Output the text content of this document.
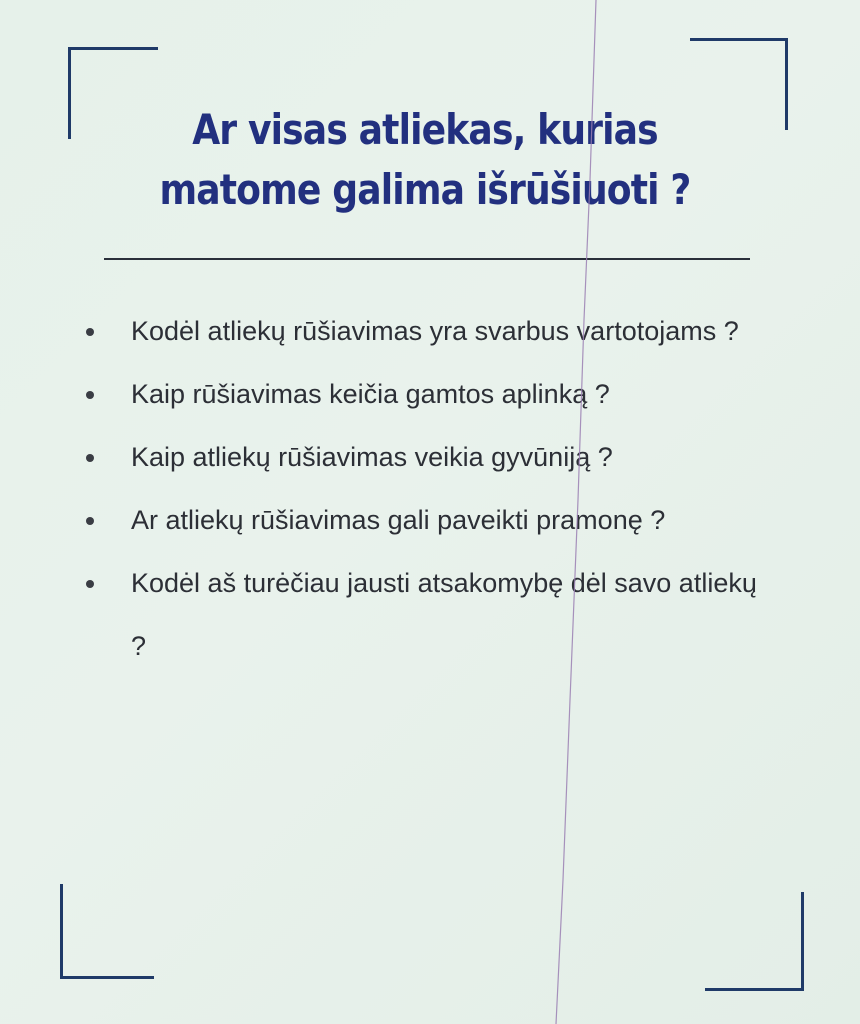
Ar visas atliekas, kurias
matome galima išrūšiuoti ?
Kodėl atliekų rūšiavimas yra svarbus vartotojams ?
Kaip rūšiavimas keičia gamtos aplinką ?
Kaip atliekų rūšiavimas veikia gyvūniją ?
Ar atliekų rūšiavimas gali paveikti pramonę ?
Kodėl aš turėčiau jausti atsakomybę dėl savo atliekų ?
